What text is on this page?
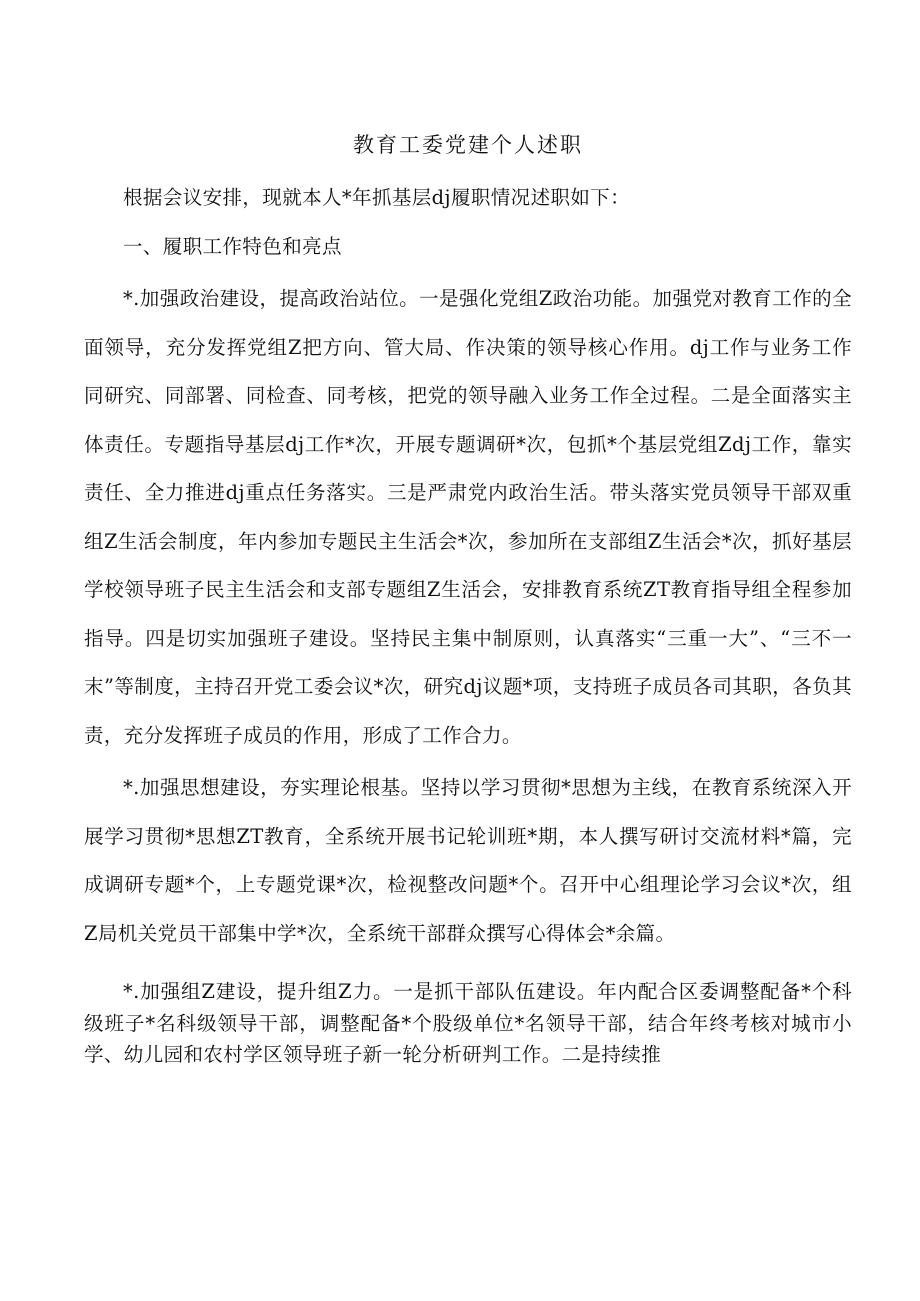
教育工委党建个人述职

根据会议安排，现就本人*年抓基层dj履职情况述职如下：

一、履职工作特色和亮点

*.加强政治建设，提高政治站位。一是强化党组Z政治功能。加强党对教育工作的全面领导，充分发挥党组Z把方向、管大局、作决策的领导核心作用。dj工作与业务工作同研究、同部署、同检查、同考核，把党的领导融入业务工作全过程。二是全面落实主体责任。专题指导基层dj工作*次，开展专题调研*次，包抓*个基层党组Zdj工作，靠实责任、全力推进dj重点任务落实。三是严肃党内政治生活。带头落实党员领导干部双重组Z生活会制度，年内参加专题民主生活会*次，参加所在支部组Z生活会*次，抓好基层学校领导班子民主生活会和支部专题组Z生活会，安排教育系统ZT教育指导组全程参加指导。四是切实加强班子建设。坚持民主集中制原则，认真落实“三重一大”、“三不一末”等制度，主持召开党工委会议*次，研究dj议题*项，支持班子成员各司其职，各负其责，充分发挥班子成员的作用，形成了工作合力。

*.加强思想建设，夯实理论根基。坚持以学习贯彻*思想为主线，在教育系统深入开展学习贯彻*思想ZT教育，全系统开展书记轮训班*期，本人撰写研讨交流材料*篇，完成调研专题*个，上专题党课*次，检视整改问题*个。召开中心组理论学习会议*次，组Z局机关党员干部集中学*次，全系统干部群众撰写心得体会*余篇。

*.加强组Z建设，提升组Z力。一是抓干部队伍建设。年内配合区委调整配备*个科级班子*名科级领导干部，调整配备*个股级单位*名领导干部，结合年终考核对城市小学、幼儿园和农村学区领导班子新一轮分析研判工作。二是持续推
